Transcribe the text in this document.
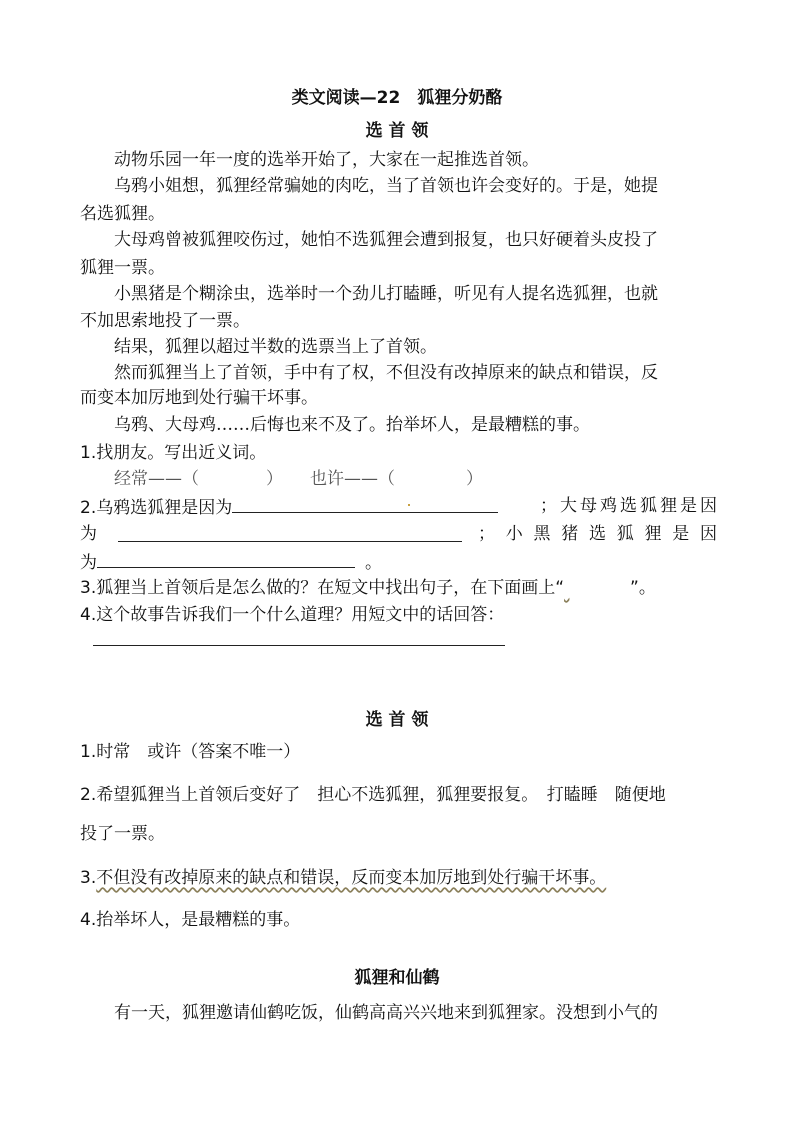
类文阅读—22　狐狸分奶酪
选 首 领
动物乐园一年一度的选举开始了，大家在一起推选首领。
乌鸦小姐想，狐狸经常骗她的肉吃，当了首领也许会变好的。于是，她提
名选狐狸。
大母鸡曾被狐狸咬伤过，她怕不选狐狸会遭到报复，也只好硬着头皮投了
狐狸一票。
小黑猪是个糊涂虫，选举时一个劲儿打瞌睡，听见有人提名选狐狸，也就
不加思索地投了一票。
结果，狐狸以超过半数的选票当上了首领。
然而狐狸当上了首领，手中有了权，不但没有改掉原来的缺点和错误，反
而变本加厉地到处行骗干坏事。
乌鸦、大母鸡……后悔也来不及了。抬举坏人，是最糟糕的事。
1.找朋友。写出近义词。
经常——（	） 也许——（	）
2.乌鸦选狐狸是因为	； 大 母 鸡 选 狐 狸 是 因
为	； 小 黑 猪 选 狐 狸 是 因
为	。
3.狐狸当上首领后是怎么做的？在短文中找出句子，在下面画上“	”。
4.这个故事告诉我们一个什么道理？用短文中的话回答：
选 首 领
1.时常　或许（答案不唯一）
2.希望狐狸当上首领后变好了　担心不选狐狸，狐狸要报复。　打瞌睡　随便地
投了一票。
3.不但没有改掉原来的缺点和错误，反而变本加厉地到处行骗干坏事。
4.抬举坏人，是最糟糕的事。
狐狸和仙鹤
有一天，狐狸邀请仙鹤吃饭，仙鹤高高兴兴地来到狐狸家。没想到小气的
